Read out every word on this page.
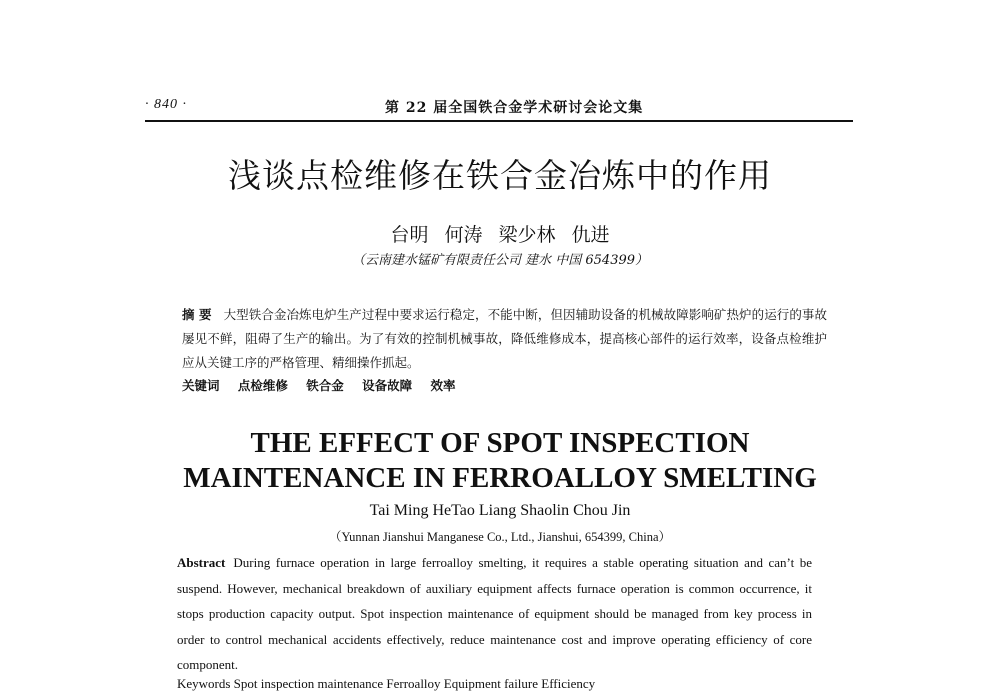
· 840 ·	第 22 届全国铁合金学术研讨会论文集
浅谈点检维修在铁合金冶炼中的作用
台明 何涛 梁少林 仇进
（云南建水锰矿有限责任公司 建水 中国 654399）
摘 要 大型铁合金冶炼电炉生产过程中要求运行稳定，不能中断，但因辅助设备的机械故障影响矿热炉的运行的事故屡见不鲜，阻碍了生产的输出。为了有效的控制机械事故，降低维修成本，提高核心部件的运行效率，设备点检维护应从关键工序的严格管理、精细操作抓起。
关键词 点检维修 铁合金 设备故障 效率
THE EFFECT OF SPOT INSPECTION
MAINTENANCE IN FERROALLOY SMELTING
Tai Ming HeTao Liang Shaolin Chou Jin
（Yunnan Jianshui Manganese Co., Ltd., Jianshui, 654399, China）
Abstract During furnace operation in large ferroalloy smelting, it requires a stable operating situation and can’t be suspend. However, mechanical breakdown of auxiliary equipment affects furnace operation is common occurrence, it stops production capacity output. Spot inspection maintenance of equipment should be managed from key process in order to control mechanical accidents effectively, reduce maintenance cost and improve operating efficiency of core component.
Keywords Spot inspection maintenance Ferroalloy Equipment failure Efficiency
